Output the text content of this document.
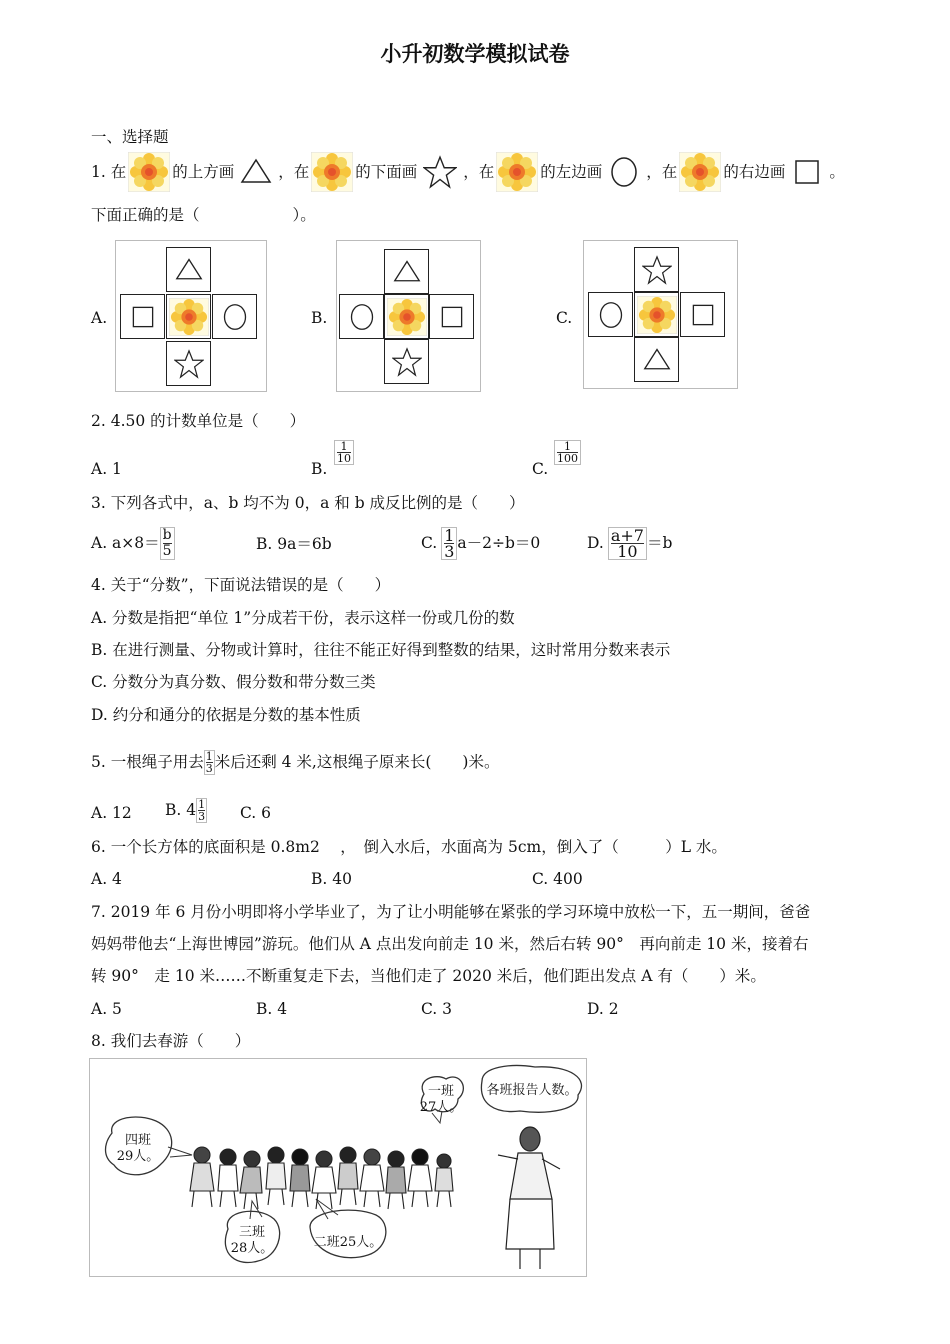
小升初数学模拟试卷
一、选择题
1. 在	的上方画	，在	的下面画	，在	的左边画	，在	的右边画	。
下面正确的是（　　　　　　）。
A.	B.	C.
2. 4.50 的计数单位是（　　）
A. 1	B.
$\frac{1}{10}$
C.
$\frac{1}{100}$
3. 下列各式中，a、b 均不为 0，a 和 b 成反比例的是（　　）
A. $a\times 8= \frac{b}{5}$	B. 9a＝6b	C. $\frac{1}{3} a-2\div b=0$	D. $\frac{a+7}{10} =b$
4. 关于“分数”，下面说法错误的是（　　）
A. 分数是指把“单位 1”分成若干份，表示这样一份或几份的数
B. 在进行测量、分物或计算时，往往不能正好得到整数的结果，这时常用分数来表示
C. 分数分为真分数、假分数和带分数三类
D. 约分和通分的依据是分数的基本性质
5. 一根绳子用去 $\frac{1}{3}$ 米后还剩 4 米,这根绳子原来长(　　)米。
A. 12 B. $4 \frac{1}{3} C$. 6
6. 一个长方体的底面积是 0.8m2 　，　倒入水后，水面高为 5cm，倒入了（　　　）L 水。
A. 4	B. 40	C. 400
7. 2019 年 6 月份小明即将小学毕业了，为了让小明能够在紧张的学习环境中放松一下，五一期间，爸爸
妈妈带他去“上海世博园”游玩。他们从 A 点出发向前走 10 米，然后右转 90°　再向前走 10 米，接着右
转 90°　走 10 米……不断重复走下去，当他们走了 2020 米后，他们距出发点 A 有（　　）米。
A. 5	B. 4	C. 3	D. 2
8. 我们去春游（　　）
一班
27人。
各班报告人数。
四班
29人。
三班
28人。	二班25人。
